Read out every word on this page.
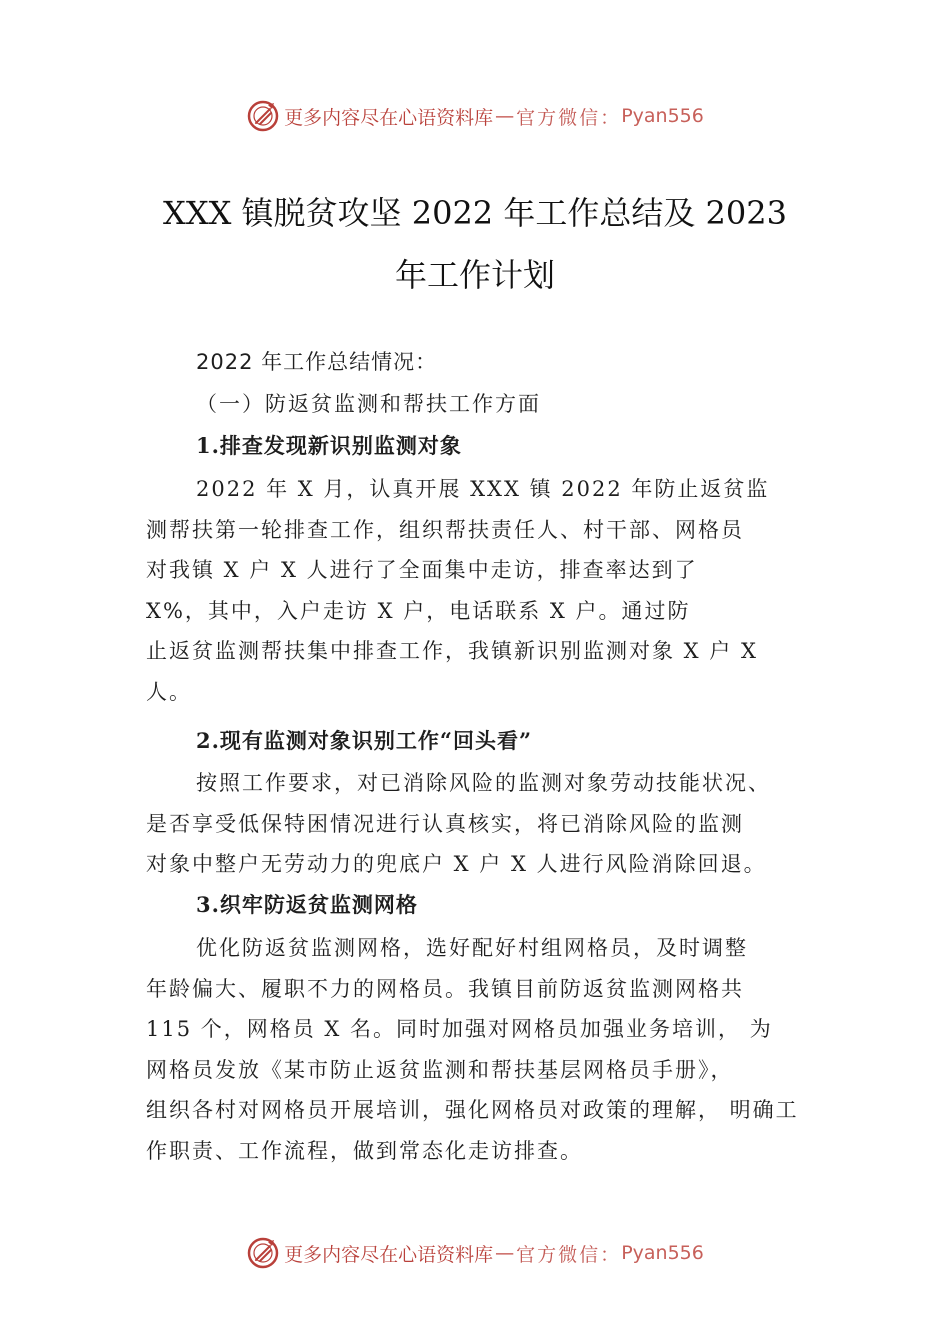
更多内容尽在心语资料库 — 官方微信： Pyan556
XXX 镇脱贫攻坚 2022 年工作总结及 2023
年工作计划
2022 年工作总结情况：
（一）防返贫监测和帮扶工作方面
1.排查发现新识别监测对象
2022 年 X 月，认真开展 XXX 镇 2022 年防止返贫监
测帮扶第一轮排查工作，组织帮扶责任人、村干部、网格员
对我镇 X 户 X 人进行了全面集中走访，排查率达到了
X%，其中，入户走访 X 户，电话联系 X 户。通过防
止返贫监测帮扶集中排查工作，我镇新识别监测对象 X 户 X
人。
2.现有监测对象识别工作“回头看”
按照工作要求，对已消除风险的监测对象劳动技能状况、
是否享受低保特困情况进行认真核实，将已消除风险的监测
对象中整户无劳动力的兜底户 X 户 X 人进行风险消除回退。
3.织牢防返贫监测网格
优化防返贫监测网格，选好配好村组网格员，及时调整
年龄偏大、履职不力的网格员。我镇目前防返贫监测网格共
115 个，网格员 X 名。同时加强对网格员加强业务培训， 为
网格员发放《某市防止返贫监测和帮扶基层网格员手册》，
组织各村对网格员开展培训，强化网格员对政策的理解， 明确工
作职责、工作流程，做到常态化走访排查。
更多内容尽在心语资料库 — 官方微信： Pyan556
